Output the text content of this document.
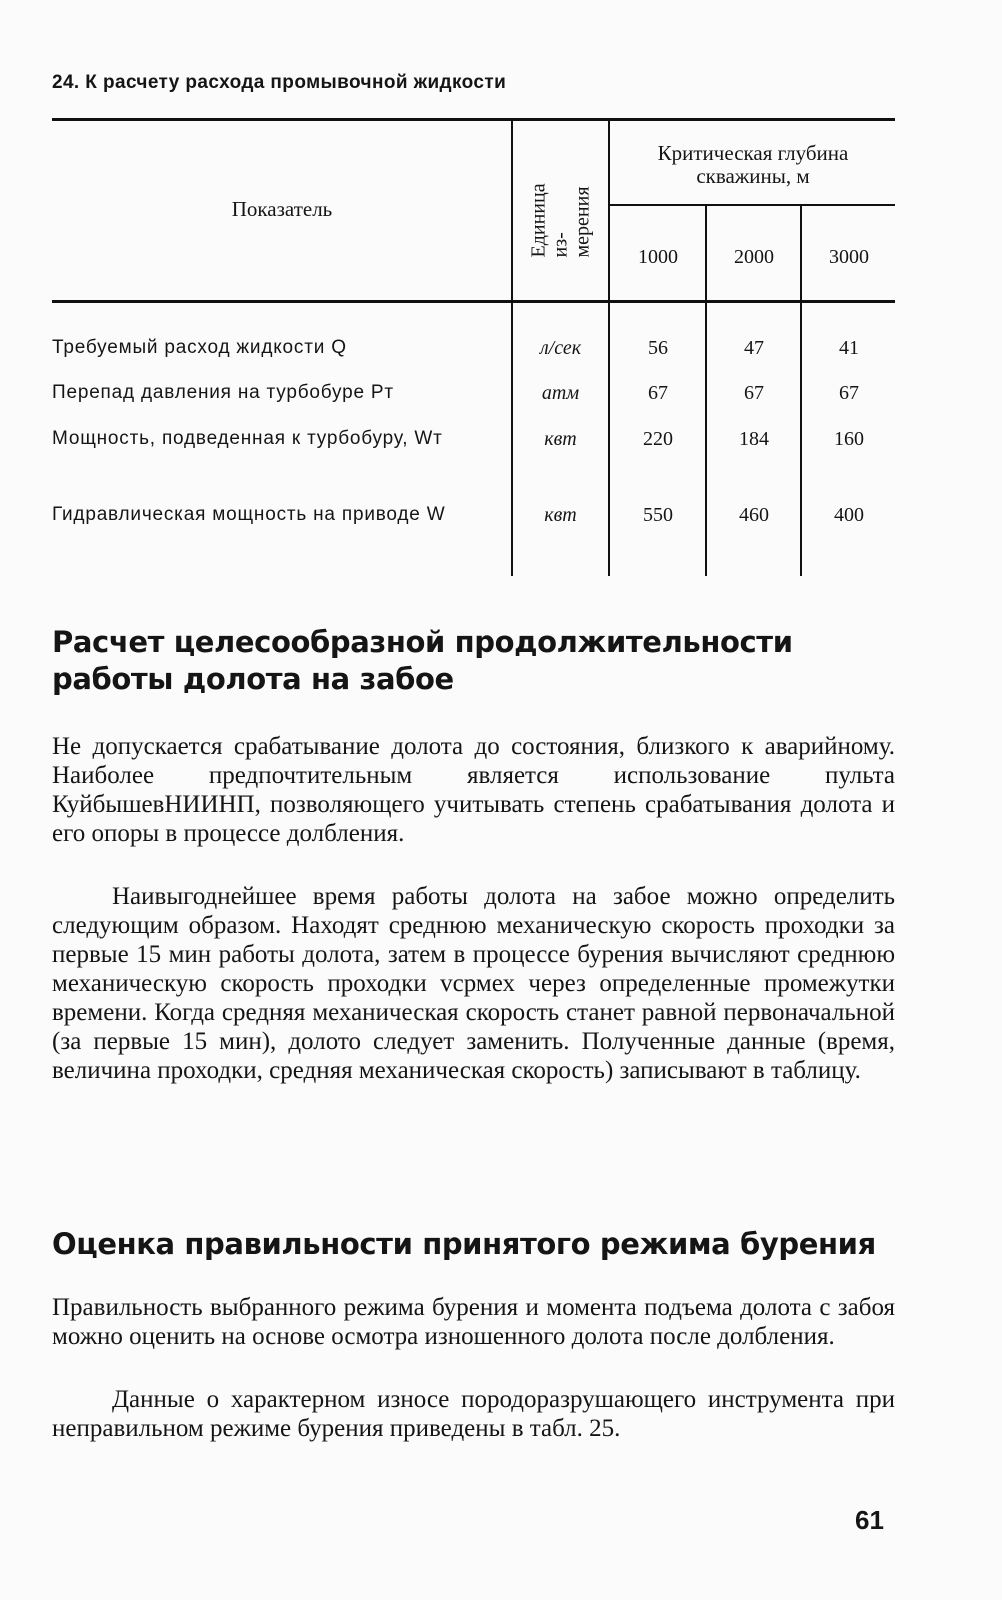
24. К расчету расхода промывочной жидкости
Показатель	Единица из-
мерения
Критическая глубина скважины, м
1000	2000	3000
Требуемый расход жидкости Q	л/сек	56	47	41
Перепад давления на турбобуре Pт	атм	67	67	67
Мощность, подведенная к турбобуру, Wт	квт	220	184	160
Гидравлическая мощность на приводе W	квт	550	460	400
Расчет целесообразной продолжительности работы долота на забое

Не допускается срабатывание долота до состояния, близкого к аварийному. Наиболее предпочтительным является использование пульта КуйбышевНИИНП, позволяющего учитывать степень срабатывания долота и его опоры в процессе долбления.

Наивыгоднейшее время работы долота на забое можно определить следующим образом. Находят среднюю механическую скорость проходки за первые 15 мин работы долота, затем в процессе бурения вычисляют среднюю механическую скорость проходки vсрмех через определенные промежутки времени. Когда средняя механическая скорость станет равной первоначальной (за первые 15 мин), долото следует заменить. Полученные данные (время, величина проходки, средняя механическая скорость) записывают в таблицу.

Оценка правильности принятого режима бурения

Правильность выбранного режима бурения и момента подъема долота с забоя можно оценить на основе осмотра изношенного долота после долбления.

Данные о характерном износе породоразрушающего инструмента при неправильном режиме бурения приведены в табл. 25.

61
